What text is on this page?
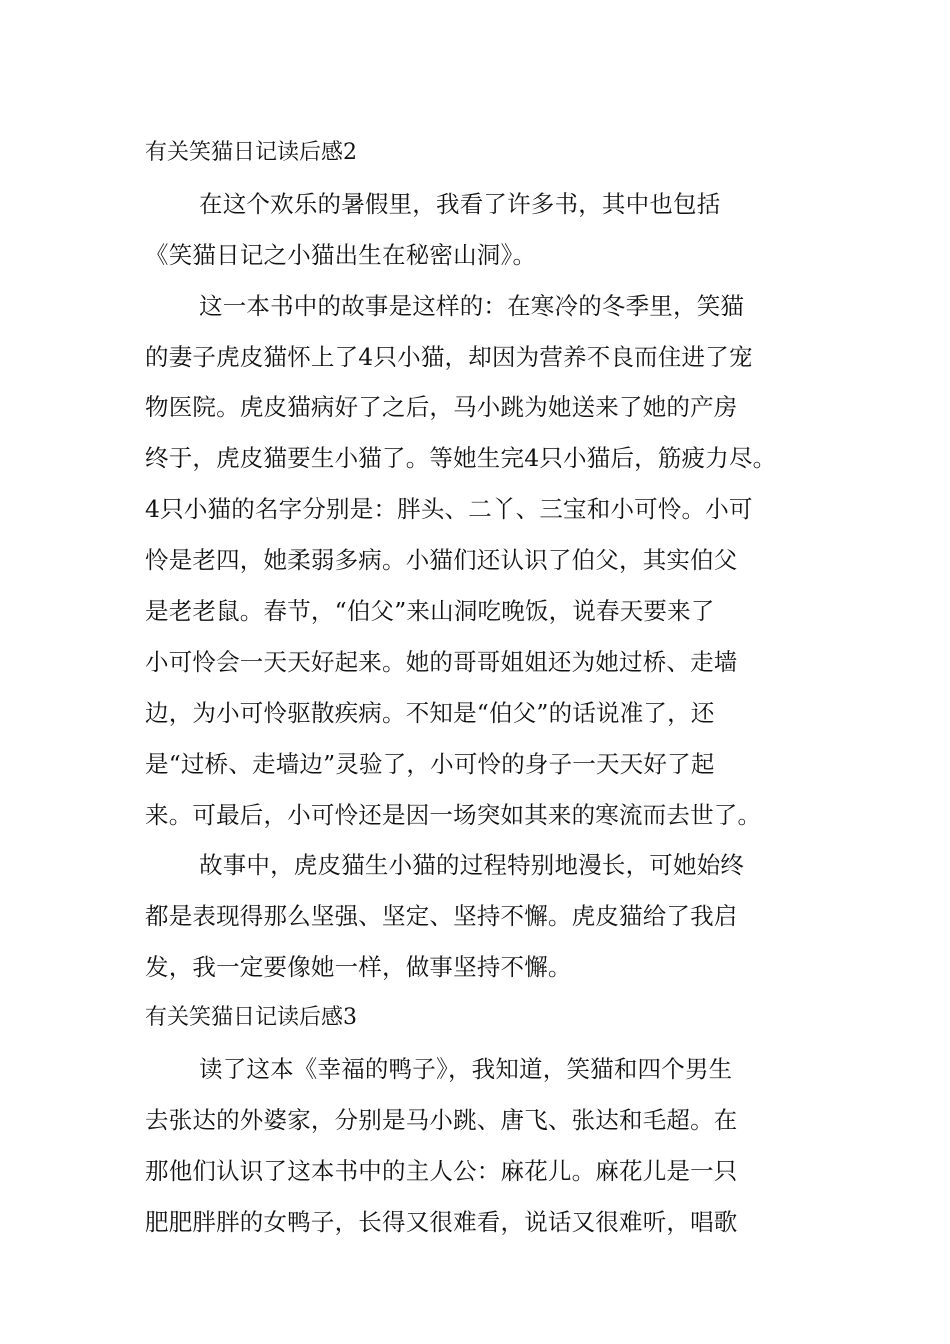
有关笑猫日记读后感2
在这个欢乐的暑假里，我看了许多书，其中也包括
《笑猫日记之小猫出生在秘密山洞》。
这一本书中的故事是这样的：在寒冷的冬季里，笑猫
的妻子虎皮猫怀上了4只小猫，却因为营养不良而住进了宠
物医院。虎皮猫病好了之后，马小跳为她送来了她的产房
终于，虎皮猫要生小猫了。等她生完4只小猫后，筋疲力尽。
4只小猫的名字分别是：胖头、二丫、三宝和小可怜。小可
怜是老四，她柔弱多病。小猫们还认识了伯父，其实伯父
是老老鼠。春节，“伯父”来山洞吃晚饭，说春天要来了
小可怜会一天天好起来。她的哥哥姐姐还为她过桥、走墙
边，为小可怜驱散疾病。不知是“伯父”的话说准了，还
是“过桥、走墙边”灵验了，小可怜的身子一天天好了起
来。可最后，小可怜还是因一场突如其来的寒流而去世了。
故事中，虎皮猫生小猫的过程特别地漫长，可她始终
都是表现得那么坚强、坚定、坚持不懈。虎皮猫给了我启
发，我一定要像她一样，做事坚持不懈。
有关笑猫日记读后感3
读了这本《幸福的鸭子》，我知道，笑猫和四个男生
去张达的外婆家，分别是马小跳、唐飞、张达和毛超。在
那他们认识了这本书中的主人公：麻花儿。麻花儿是一只
肥肥胖胖的女鸭子，长得又很难看，说话又很难听，唱歌
